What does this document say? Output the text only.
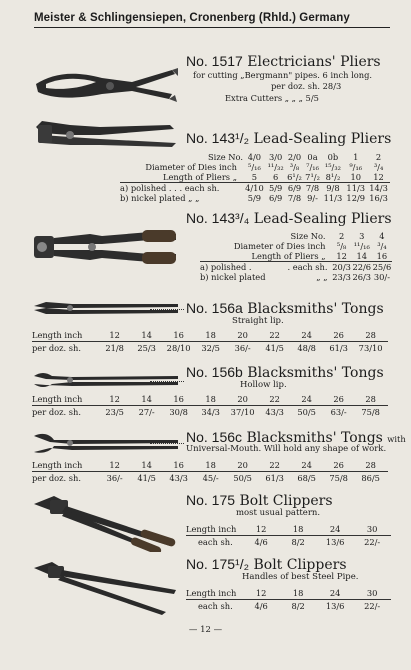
Meister & Schlingensiepen, Cronenberg (Rhld.) Germany
No. 1517 Electricians' Pliers
for cutting „Bergmann" pipes. 6 inch long.
per doz. sh. 28/3
Extra Cutters „ „ „ 5/5
No. 143¹/₂ Lead-Sealing Pliers
	Size No.	4/0	3/0	2/0	0a	0b	1	2
Diameter of Dies inch		⁵/₁₆	¹¹/₃₂	³/₈	⁷/₁₆	¹⁵/₃₂	⁹/₁₆	³/₄
Length of Pliers „		5	6	6¹/₂	7¹/₂	8¹/₂	10	12
a) polished . . . each sh.		4/10	5/9	6/9	7/8	9/8	11/3	14/3
b) nickel plated „ „		5/9	6/9	7/8	9/-	11/3	12/9	16/3
No. 143³/₄ Lead-Sealing Pliers
Size No.		2	3	4
Diameter of Dies inch		⁵/₈	¹¹/₁₆	³/₄
Length of Pliers „		12	14	16
a) polished .	. each sh.	20/3	22/6	25/6
b) nickel plated	„ „	23/3	26/3	30/-
No. 156a Blacksmiths' Tongs
Straight lip.
Length inch	12	14	16	18	20	22	24	26	28
per doz. sh.	21/8 25/3 28/10 32/5 36/- 41/5 48/8 61/3 73/10
No. 156b Blacksmiths' Tongs
Hollow lip.
Length inch	12	14	16	18	20	22	24	26	28
per doz. sh.	23/5 27/- 30/8 34/3 37/10 43/3 50/5 63/- 75/8
No. 156c Blacksmiths' Tongs with
Universal-Mouth. Will hold any shape of work.
Length inch	12	14	16	18	20	22	24	26	28
per doz. sh.	36/- 41/5 43/3 45/- 50/5 61/3 68/5 75/8 86/5
No. 175 Bolt Clippers
most usual pattern.
Length inch 12	18	24	30
each sh.	4/6	8/2	13/6 22/-
No. 175¹/₂ Bolt Clippers
Handles of best Steel Pipe.
Length inch 12	18	24	30
each sh.	4/6	8/2	13/6 22/-
— 12 —
